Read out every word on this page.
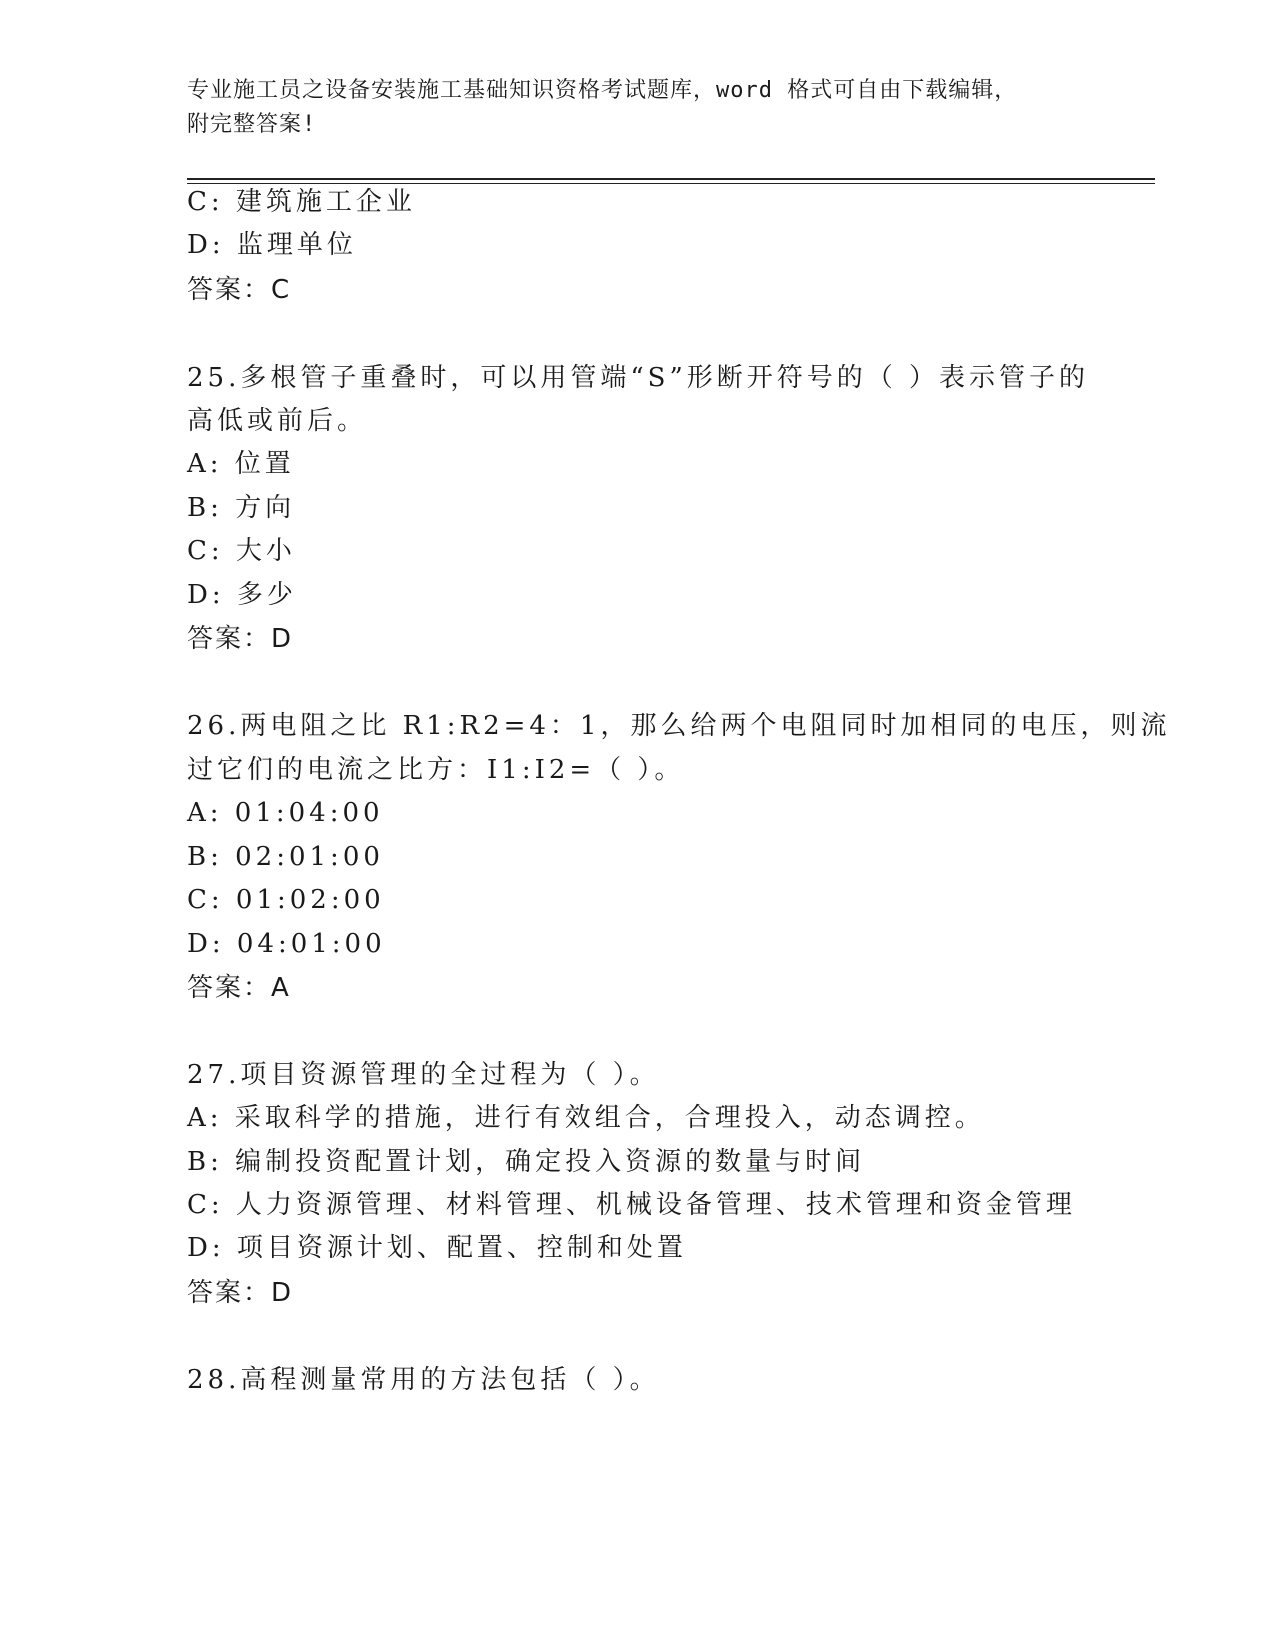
专业施工员之设备安装施工基础知识资格考试题库，word 格式可自由下载编辑，
附完整答案!
C: 建筑施工企业
D: 监理单位
答案：C
25.多根管子重叠时，可以用管端“S”形断开符号的（ ）表示管子的
高低或前后。
A: 位置
B: 方向
C: 大小
D: 多少
答案：D
26.两电阻之比 R1:R2=4：1，那么给两个电阻同时加相同的电压，则流
过它们的电流之比方：I1:I2=（ ）。
A: 01:04:00
B: 02:01:00
C: 01:02:00
D: 04:01:00
答案：A
27.项目资源管理的全过程为（ ）。
A: 采取科学的措施，进行有效组合，合理投入，动态调控。
B: 编制投资配置计划，确定投入资源的数量与时间
C: 人力资源管理、材料管理、机械设备管理、技术管理和资金管理
D: 项目资源计划、配置、控制和处置
答案：D
28.高程测量常用的方法包括（ ）。
